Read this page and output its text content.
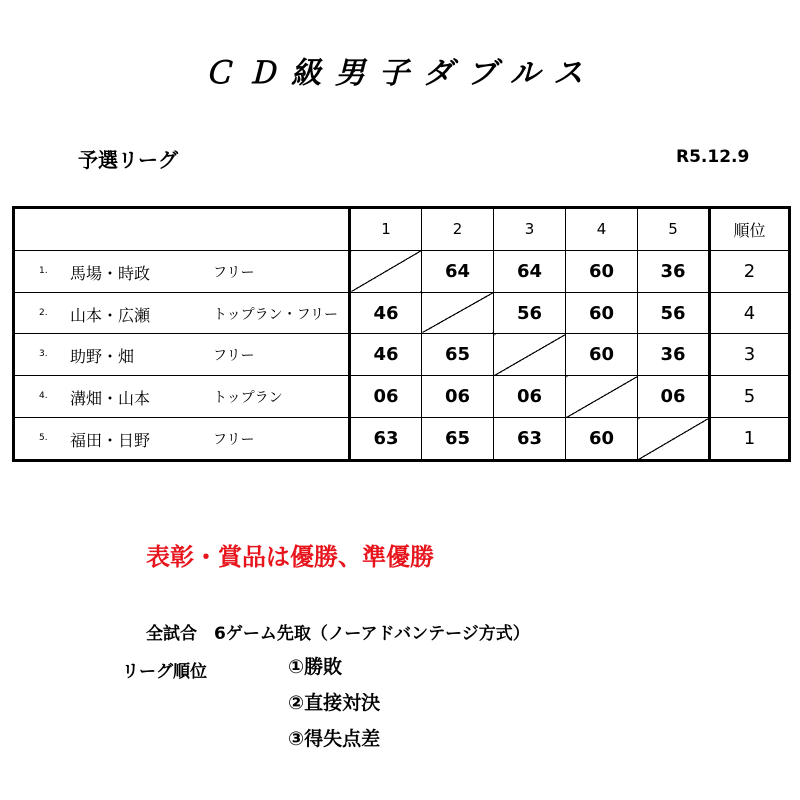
ＣＤ級男子ダブルス
予選リーグ	R5.12.9
	1	2	3	4	5	順位

1. 馬場・時政 フリー		64	64	60	36	2

2. 山本・広瀬 トップラン・フリー	46		56	60	56	4

3. 助野・畑 フリー	46	65		60	36	3

4. 溝畑・山本 トップラン	06	06	06		06	5

5. 福田・日野 フリー	63	65	63	60		1
表彰・賞品は優勝、準優勝
全試合　6ゲーム先取（ノーアドバンテージ方式）
リーグ順位	①勝敗
②直接対決
③得失点差
